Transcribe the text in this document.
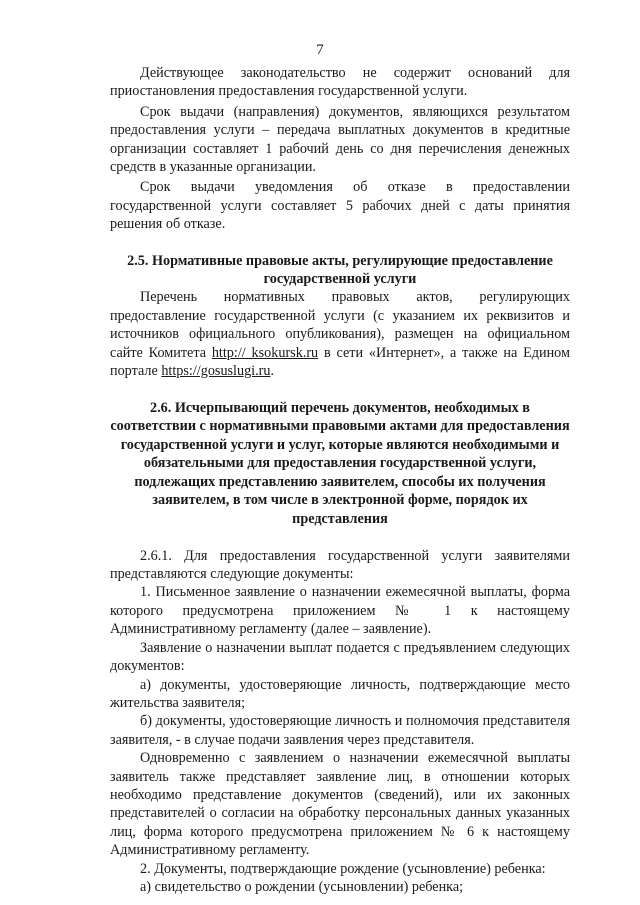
7

Действующее законодательство не содержит оснований для приостановления предоставления государственной услуги.

Срок выдачи (направления) документов, являющихся результатом предоставления услуги – передача выплатных документов в кредитные организации составляет 1 рабочий день со дня перечисления денежных средств в указанные организации.

Срок выдачи уведомления об отказе в предоставлении государственной услуги составляет 5 рабочих дней с даты принятия решения об отказе.

2.5. Нормативные правовые акты, регулирующие предоставление
государственной услуги

Перечень нормативных правовых актов, регулирующих предоставление государственной услуги (с указанием их реквизитов и источников официального опубликования), размещен на официальном сайте Комитета http:// ksokursk.ru в сети «Интернет», а также на Едином портале https://gosuslugi.ru.

2.6. Исчерпывающий перечень документов, необходимых в соответствии с нормативными правовыми актами для предоставления государственной услуги и услуг, которые являются необходимыми и обязательными для предоставления государственной услуги, подлежащих представлению заявителем, способы их получения заявителем, в том числе в электронной форме, порядок их представления

2.6.1. Для предоставления государственной услуги заявителями представляются следующие документы:

1. Письменное заявление о назначении ежемесячной выплаты, форма которого предусмотрена приложением № 1 к настоящему Административному регламенту (далее – заявление).

Заявление о назначении выплат подается с предъявлением следующих документов:

а) документы, удостоверяющие личность, подтверждающие место жительства заявителя;

б) документы, удостоверяющие личность и полномочия представителя заявителя, - в случае подачи заявления через представителя.

Одновременно с заявлением о назначении ежемесячной выплаты заявитель также представляет заявление лиц, в отношении которых необходимо представление документов (сведений), или их законных представителей о согласии на обработку персональных данных указанных лиц, форма которого предусмотрена приложением № 6 к настоящему Административному регламенту.

2. Документы, подтверждающие рождение (усыновление) ребенка:

а) свидетельство о рождении (усыновлении) ребенка;
